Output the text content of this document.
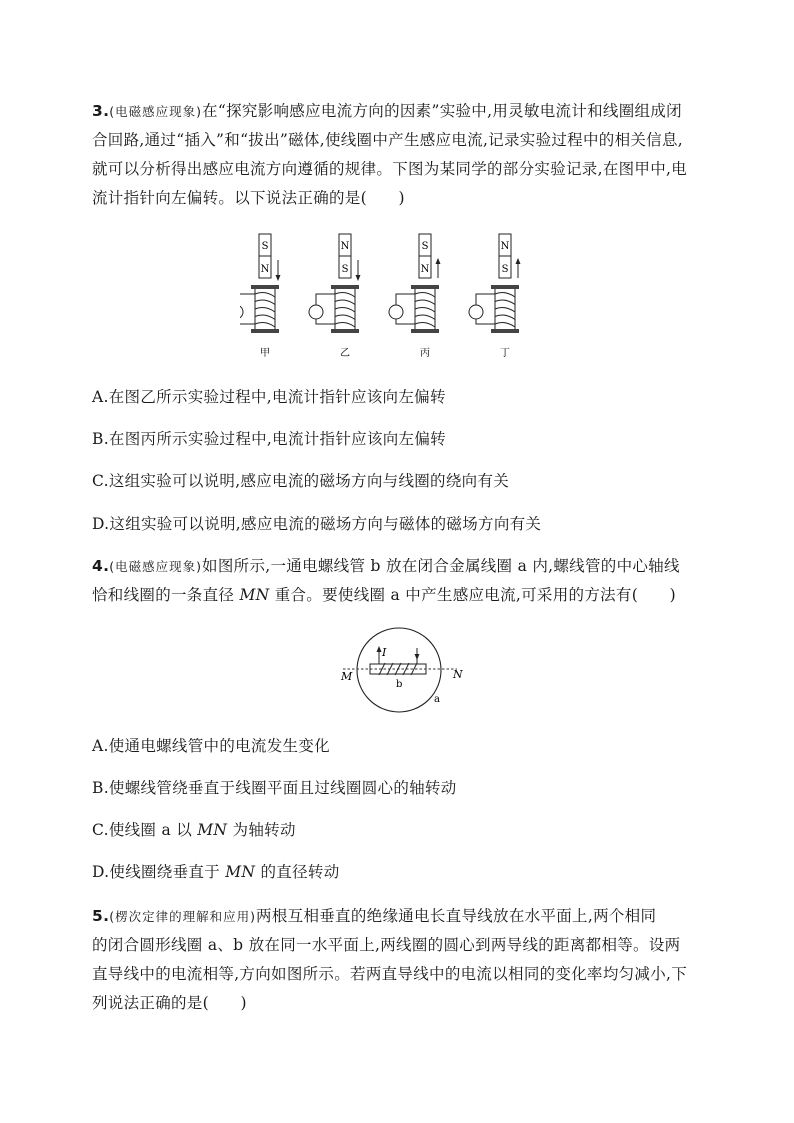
3.(电磁感应现象)在“探究影响感应电流方向的因素”实验中,用灵敏电流计和线圈组成闭

合回路,通过“插入”和“拔出”磁体,使线圈中产生感应电流,记录实验过程中的相关信息,

就可以分析得出感应电流方向遵循的规律。下图为某同学的部分实验记录,在图甲中,电

流计指针向左偏转。以下说法正确的是(　　)

S
N
甲
N
S
乙
S
N
丙
N
S
丁

A.在图乙所示实验过程中,电流计指针应该向左偏转

B.在图丙所示实验过程中,电流计指针应该向左偏转

C.这组实验可以说明,感应电流的磁场方向与线圈的绕向有关

D.这组实验可以说明,感应电流的磁场方向与磁体的磁场方向有关

4.(电磁感应现象)如图所示,一通电螺线管 b 放在闭合金属线圈 a 内,螺线管的中心轴线

恰和线圈的一条直径 MN 重合。要使线圈 a 中产生感应电流,可采用的方法有(　　)

I
M	N
b
a

A.使通电螺线管中的电流发生变化

B.使螺线管绕垂直于线圈平面且过线圈圆心的轴转动

C.使线圈 a 以 MN 为轴转动

D.使线圈绕垂直于 MN 的直径转动

5.(楞次定律的理解和应用)两根互相垂直的绝缘通电长直导线放在水平面上,两个相同

的闭合圆形线圈 a、b 放在同一水平面上,两线圈的圆心到两导线的距离都相等。设两

直导线中的电流相等,方向如图所示。若两直导线中的电流以相同的变化率均匀减小,下

列说法正确的是(　　)
